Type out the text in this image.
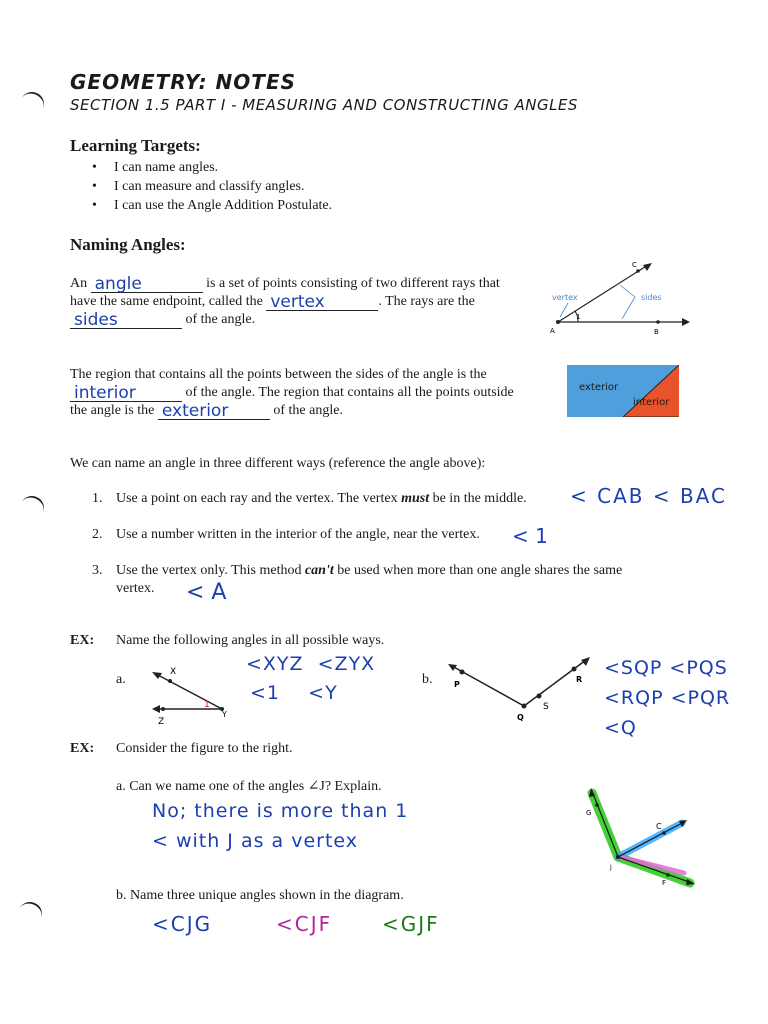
GEOMETRY: NOTES
SECTION 1.5 PART I - MEASURING AND CONSTRUCTING ANGLES
Learning Targets:
• I can name angles.
• I can measure and classify angles.
• I can use the Angle Addition Postulate.
Naming Angles:
An angle	is a set of points consisting of two different rays that
have the same endpoint, called the vertex	. The rays are the
sides	of the angle.
vertex	sides
C
A	B
1
The region that contains all the points between the sides of the angle is the
interior	of the angle. The region that contains all the points outside
the angle is the exterior	of the angle.
exterior
interior
We can name an angle in three different ways (reference the angle above):
1. Use a point on each ray and the vertex. The vertex must be in the middle. < CAB < BAC
2. Use a number written in the interior of the angle, near the vertex. < 1
3. Use the vertex only. This method can't be used when more than one angle shares the same
vertex. < A
EX: Name the following angles in all possible ways.
a.	X
Z
Y
1
<XYZ  <ZYX
<1    <Y
b.	P
Q
S
R
<SQP <PQS
<RQP <PQR
<Q
EX: Consider the figure to the right.
a. Can we name one of the angles ∠J? Explain.
No; there is more than 1
< with J as a vertex
b. Name three unique angles shown in the diagram.
<CJG	<CJF <GJF
G
C
J
F
